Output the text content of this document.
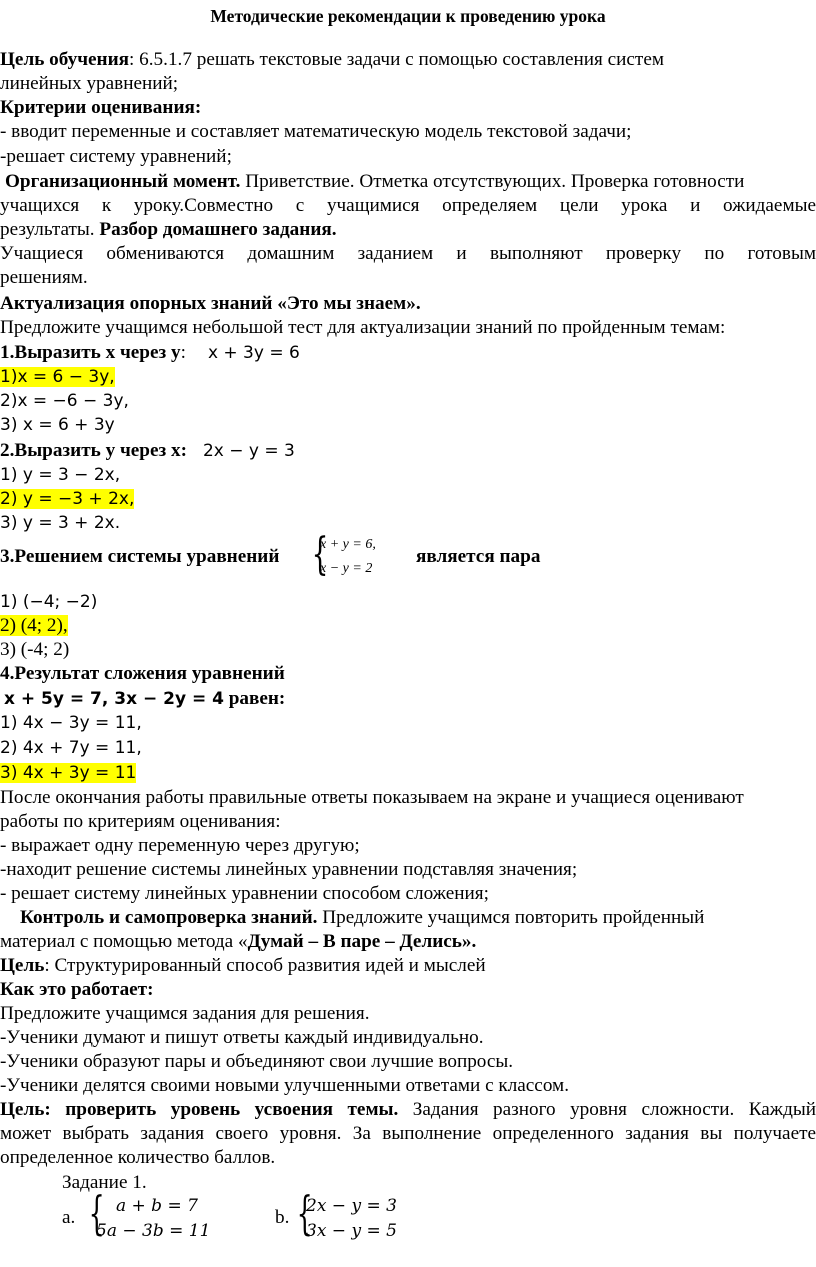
Методические рекомендации к проведению урока
Цель обучения: 6.5.1.7 решать текстовые задачи с помощью составления систем
линейных уравнений;
Критерии оценивания:
- вводит переменные и составляет математическую модель текстовой задачи;
-решает систему уравнений;
Организационный момент. Приветствие. Отметка отсутствующих. Проверка готовности
учащихся к уроку.Совместно с учащимися определяем цели урока и ожидаемые
результаты. Разбор домашнего задания.
Учащиеся обмениваются домашним заданием и выполняют проверку по готовым
решениям.
Актуализация опорных знаний «Это мы знаем».
Предложите учащимся небольшой тест для актуализации знаний по пройденным темам:
1.Выразить x через y: x + 3y = 6
1)x = 6 − 3y,
2)x = −6 − 3y,
3) x = 6 + 3y
2.Выразить y через x: 2x − y = 3
1) y = 3 − 2x,
2) y = −3 + 2x,
3) y = 3 + 2x.
3.Решением системы уравнений {
x + y = 6,
x − y = 2
является пара
1) (−4; −2)
2) (4; 2),
3) (-4; 2)
4.Результат сложения уравнений
x + 5y = 7, 3x − 2y = 4 равен:
1) 4x − 3y = 11,
2) 4x + 7y = 11,
3) 4x + 3y = 11
После окончания работы правильные ответы показываем на экране и учащиеся оценивают
работы по критериям оценивания:
- выражает одну переменную через другую;
-находит решение системы линейных уравнении подставляя значения;
- решает систему линейных уравнении способом сложения;
Контроль и самопроверка знаний. Предложите учащимся повторить пройденный
материал с помощью метода «Думай – В паре – Делись».
Цель: Структурированный способ развития идей и мыслей
Как это работает:
Предложите учащимся задания для решения.
-Ученики думают и пишут ответы каждый индивидуально.
-Ученики образуют пары и объединяют свои лучшие вопросы.
-Ученики делятся своими новыми улучшенными ответами с классом.
Цель: проверить уровень усвоения темы. Задания разного уровня сложности. Каждый
может выбрать задания своего уровня. За выполнение определенного задания вы получаете
определенное количество баллов.
Задание 1.
a. { a + b = 7
5a − 3b = 11
b. {
2x − y = 3
3x − y = 5
